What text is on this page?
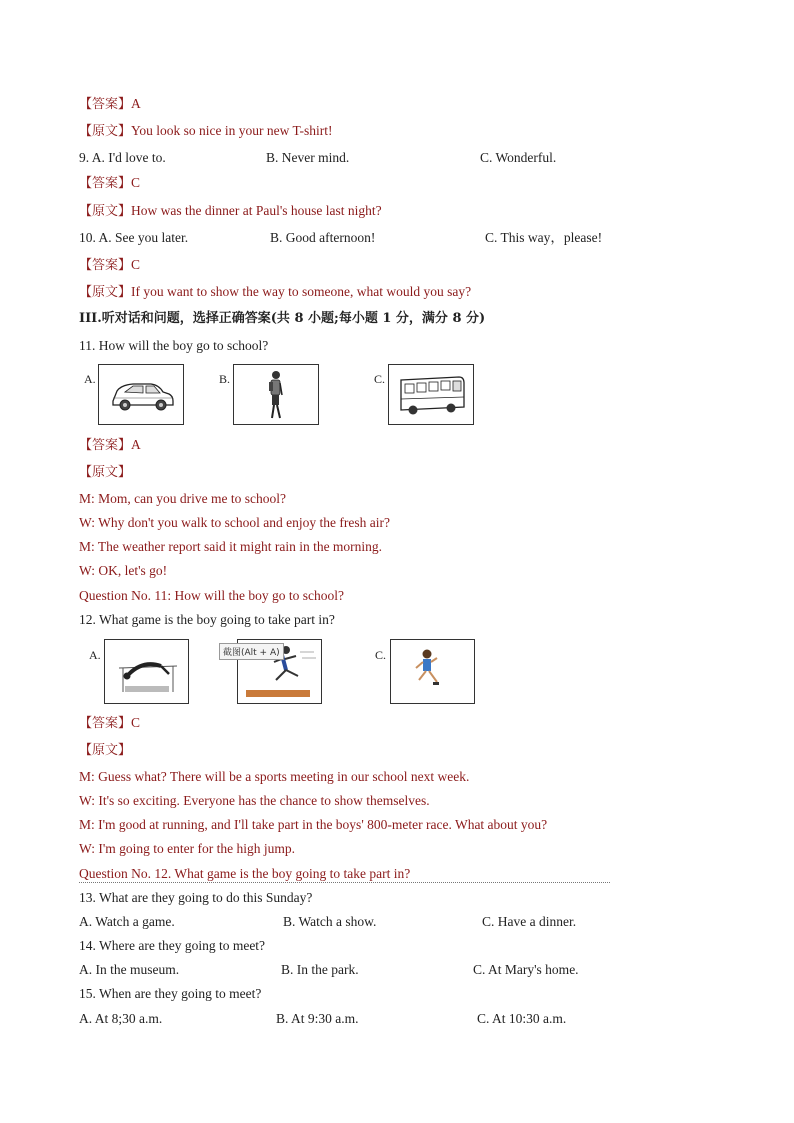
【答案】A
【原文】You look so nice in your new T-shirt!
9. A. I'd love to.	B. Never mind.	C. Wonderful.
【答案】C
【原文】How was the dinner at Paul's house last night?
10. A. See you later.	B. Good afternoon!	C. This way，please!
【答案】C
【原文】If you want to show the way to someone, what would you say?
III.听对话和问题，选择正确答案(共 8 小题;每小题 1 分，满分 8 分)
11. How will the boy go to school?
A.	B.	C.
【答案】A
【原文】
M: Mom, can you drive me to school?
W: Why don't you walk to school and enjoy the fresh air?
M: The weather report said it might rain in the morning.
W: OK, let's go!
Question No. 11: How will the boy go to school?
12. What game is the boy going to take part in?
A.	截图(Alt + A)	C.
【答案】C
【原文】
M: Guess what? There will be a sports meeting in our school next week.
W: It's so exciting. Everyone has the chance to show themselves.
M: I'm good at running, and I'll take part in the boys' 800-meter race. What about you?
W: I'm going to enter for the high jump.
Question No. 12. What game is the boy going to take part in?
13. What are they going to do this Sunday?
A. Watch a game.	B. Watch a show.	C. Have a dinner.
14. Where are they going to meet?
A. In the museum.	B. In the park.	C. At Mary's home.
15. When are they going to meet?
A. At 8;30 a.m.	B. At 9:30 a.m.	C. At 10:30 a.m.
